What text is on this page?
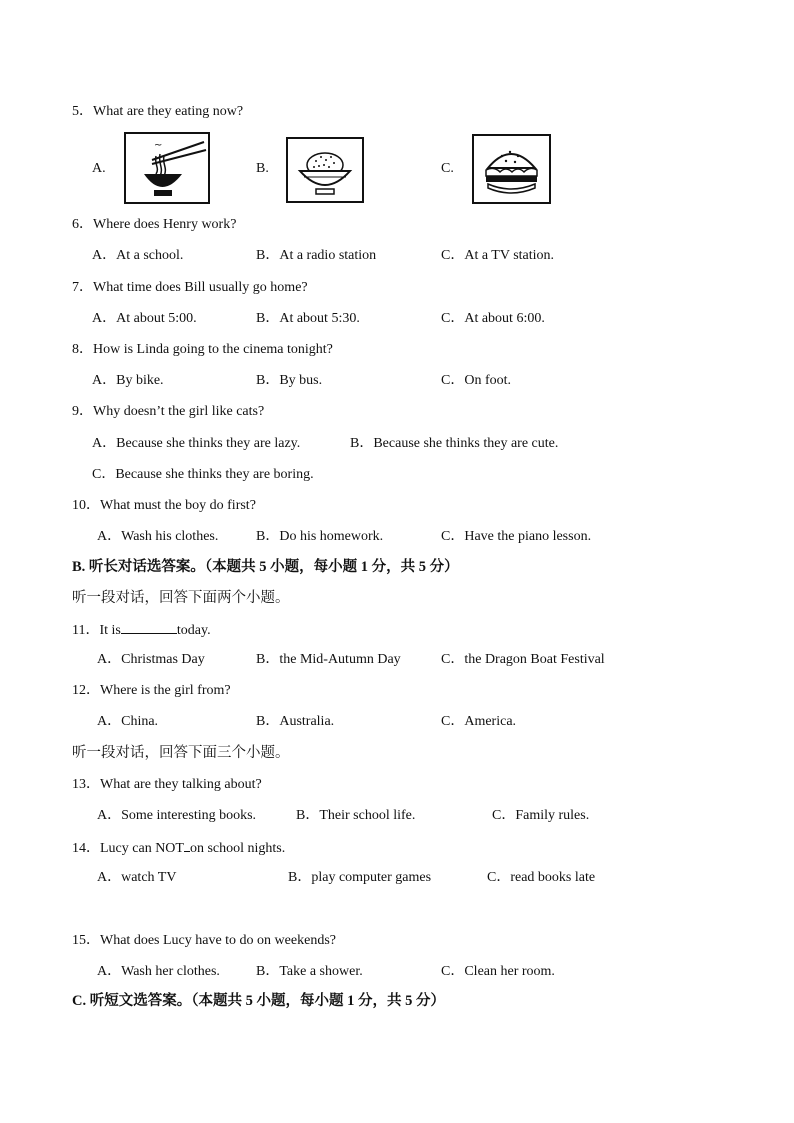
5．What are they eating now?
A.
~
B.	C.
6．Where does Henry work?
A．At a school.	B．At a radio station	C．At a TV station.
7．What time does Bill usually go home?
A．At about 5:00.	B．At about 5:30.	C．At about 6:00.
8．How is Linda going to the cinema tonight?
A．By bike.	B．By bus.	C．On foot.
9．Why doesn’t the girl like cats?
A．Because she thinks they are lazy.	B．Because she thinks they are cute.
C．Because she thinks they are boring.
10．What must the boy do first?
A．Wash his clothes.	B．Do his homework.	C．Have the piano lesson.
B. 听长对话选答案。（本题共 5 小题，每小题 1 分，共 5 分）
听一段对话，回答下面两个小题。
11．It is	today.
A．Christmas Day	B．the Mid-Autumn Day	C．the Dragon Boat Festival
12．Where is the girl from?
A．China.	B．Australia.	C．America.
听一段对话，回答下面三个小题。
13．What are they talking about?
A．Some interesting books.	B．Their school life.	C．Family rules.
14．Lucy can NOT on school nights.
A．watch TV	B．play computer games	C．read books late
15．What does Lucy have to do on weekends?
A．Wash her clothes.	B．Take a shower.	C．Clean her room.
C. 听短文选答案。（本题共 5 小题，每小题 1 分，共 5 分）
